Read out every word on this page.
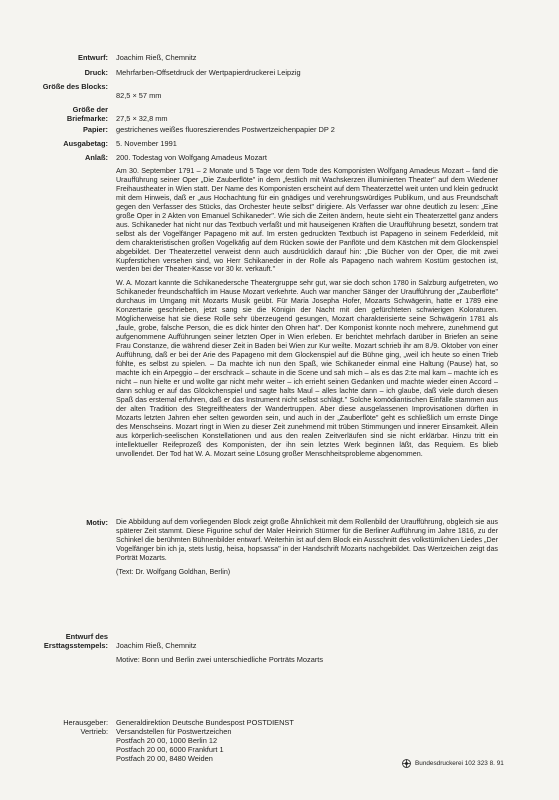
Entwurf: Joachim Rieß, Chemnitz
Druck: Mehrfarben-Offsetdruck der Wertpapierdruckerei Leipzig
Größe des Blocks:
82,5 × 57 mm
Größe der Briefmarke: 27,5 × 32,8 mm
Papier: gestrichenes weißes fluoreszierendes Postwertzeichenpapier DP 2
Ausgabetag: 5. November 1991
Anlaß: 200. Todestag von Wolfgang Amadeus Mozart

Am 30. September 1791 – 2 Monate und 5 Tage vor dem Tode des Komponisten Wolfgang Amadeus Mozart – fand die Uraufführung seiner Oper „Die Zauberflöte" in dem „festlich mit Wachskerzen illuminierten Theater" auf dem Wiedener Freihaustheater in Wien statt. Der Name des Komponisten erscheint auf dem Theaterzettel weit unten und klein gedruckt mit dem Hinweis, daß er „aus Hochachtung für ein gnädiges und verehrungswürdiges Publikum, und aus Freundschaft gegen den Verfasser des Stücks, das Orchester heute selbst" dirigiere. Als Verfasser war ohne deutlich zu lesen: „Eine große Oper in 2 Akten von Emanuel Schikaneder". Wie sich die Zeiten ändern, heute sieht ein Theaterzettel ganz anders aus. Schikaneder hat nicht nur das Textbuch verfaßt und mit hauseigenen Kräften die Uraufführung besetzt, sondern trat selbst als der Vogelfänger Papageno mit auf. Im ersten gedruckten Textbuch ist Papageno in seinem Federkleid, mit dem charakteristischen großen Vogelkäfig auf dem Rücken sowie der Panflöte und dem Kästchen mit dem Glockenspiel abgebildet. Der Theaterzettel verweist denn auch ausdrücklich darauf hin: „Die Bücher von der Oper, die mit zwei Kupferstichen versehen sind, wo Herr Schikaneder in der Rolle als Papageno nach wahrem Kostüm gestochen ist, werden bei der Theater-Kasse vor 30 kr. verkauft."

W. A. Mozart kannte die Schikanedersche Theatergruppe sehr gut, war sie doch schon 1780 in Salzburg aufgetreten, wo Schikaneder freundschaftlich im Hause Mozart verkehrte. Auch war mancher Sänger der Uraufführung der „Zauberflöte" durchaus im Umgang mit Mozarts Musik geübt. Für Maria Josepha Hofer, Mozarts Schwägerin, hatte er 1789 eine Konzertarie geschrieben, jetzt sang sie die Königin der Nacht mit den gefürchteten schwierigen Koloraturen. Möglicherweise hat sie diese Rolle sehr überzeugend gesungen, Mozart charakterisierte seine Schwägerin 1781 als „faule, grobe, falsche Person, die es dick hinter den Ohren hat". Der Komponist konnte noch mehrere, zunehmend gut aufgenommene Aufführungen seiner letzten Oper in Wien erleben. Er berichtet mehrfach darüber in Briefen an seine Frau Constanze, die während dieser Zeit in Baden bei Wien zur Kur weilte. Mozart schrieb ihr am 8./9. Oktober von einer Aufführung, daß er bei der Arie des Papageno mit dem Glockenspiel auf die Bühne ging, „weil ich heute so einen Trieb fühlte, es selbst zu spielen. – Da machte ich nun den Spaß, wie Schikaneder einmal eine Haltung (Pause) hat, so machte ich ein Arpeggio – der erschrack – schaute in die Scene und sah mich – als es das 2:te mal kam – machte ich es nicht – nun hielte er und wollte gar nicht mehr weiter – ich errieht seinen Gedanken und machte wieder einen Accord – dann schlug er auf das Glöckchenspiel und sagte halts Maul – alles lachte dann – ich glaube, daß viele durch diesen Spaß das erstemal erfuhren, daß er das Instrument nicht selbst schlägt." Solche komödiantischen Einfälle stammen aus der alten Tradition des Stegreiftheaters der Wandertruppen. Aber diese ausgelassenen Improvisationen dürften in Mozarts letzten Jahren eher selten geworden sein, und auch in der „Zauberflöte" geht es schließlich um ernste Dinge des Menschseins. Mozart ringt in Wien zu dieser Zeit zunehmend mit trüben Stimmungen und innerer Einsamkeit. Allein aus körperlich-seelischen Konstellationen und aus den realen Zeitverläufen sind sie nicht erklärbar. Hinzu tritt ein intellektueller Reifeprozeß des Komponisten, der ihn sein letztes Werk beginnen läßt, das Requiem. Es blieb unvollendet. Der Tod hat W. A. Mozart seine Lösung großer Menschheitsprobleme abgenommen.

Motiv: Die Abbildung auf dem vorliegenden Block zeigt große Ähnlichkeit mit dem Rollenbild der Uraufführung, obgleich sie aus späterer Zeit stammt. Diese Figurine schuf der Maler Heinrich Stürmer für die Berliner Aufführung im Jahre 1816, zu der Schinkel die berühmten Bühnenbilder entwarf. Weiterhin ist auf dem Block ein Ausschnitt des volkstümlichen Liedes „Der Vogelfänger bin ich ja, stets lustig, heisa, hopsassa" in der Handschrift Mozarts nachgebildet. Das Wertzeichen zeigt das Porträt Mozarts.

(Text: Dr. Wolfgang Goldhan, Berlin)

Entwurf des Ersttagsstempels: Joachim Rieß, Chemnitz
Motive: Bonn und Berlin zwei unterschiedliche Porträts Mozarts
Herausgeber: Generaldirektion Deutsche Bundespost POSTDIENST
Vertrieb: Versandstellen für Postwertzeichen
Postfach 20 00, 1000 Berlin 12
Postfach 20 00, 6000 Frankfurt 1
Postfach 20 00, 8480 Weiden
Bundesdruckerei 102 323 8. 91
